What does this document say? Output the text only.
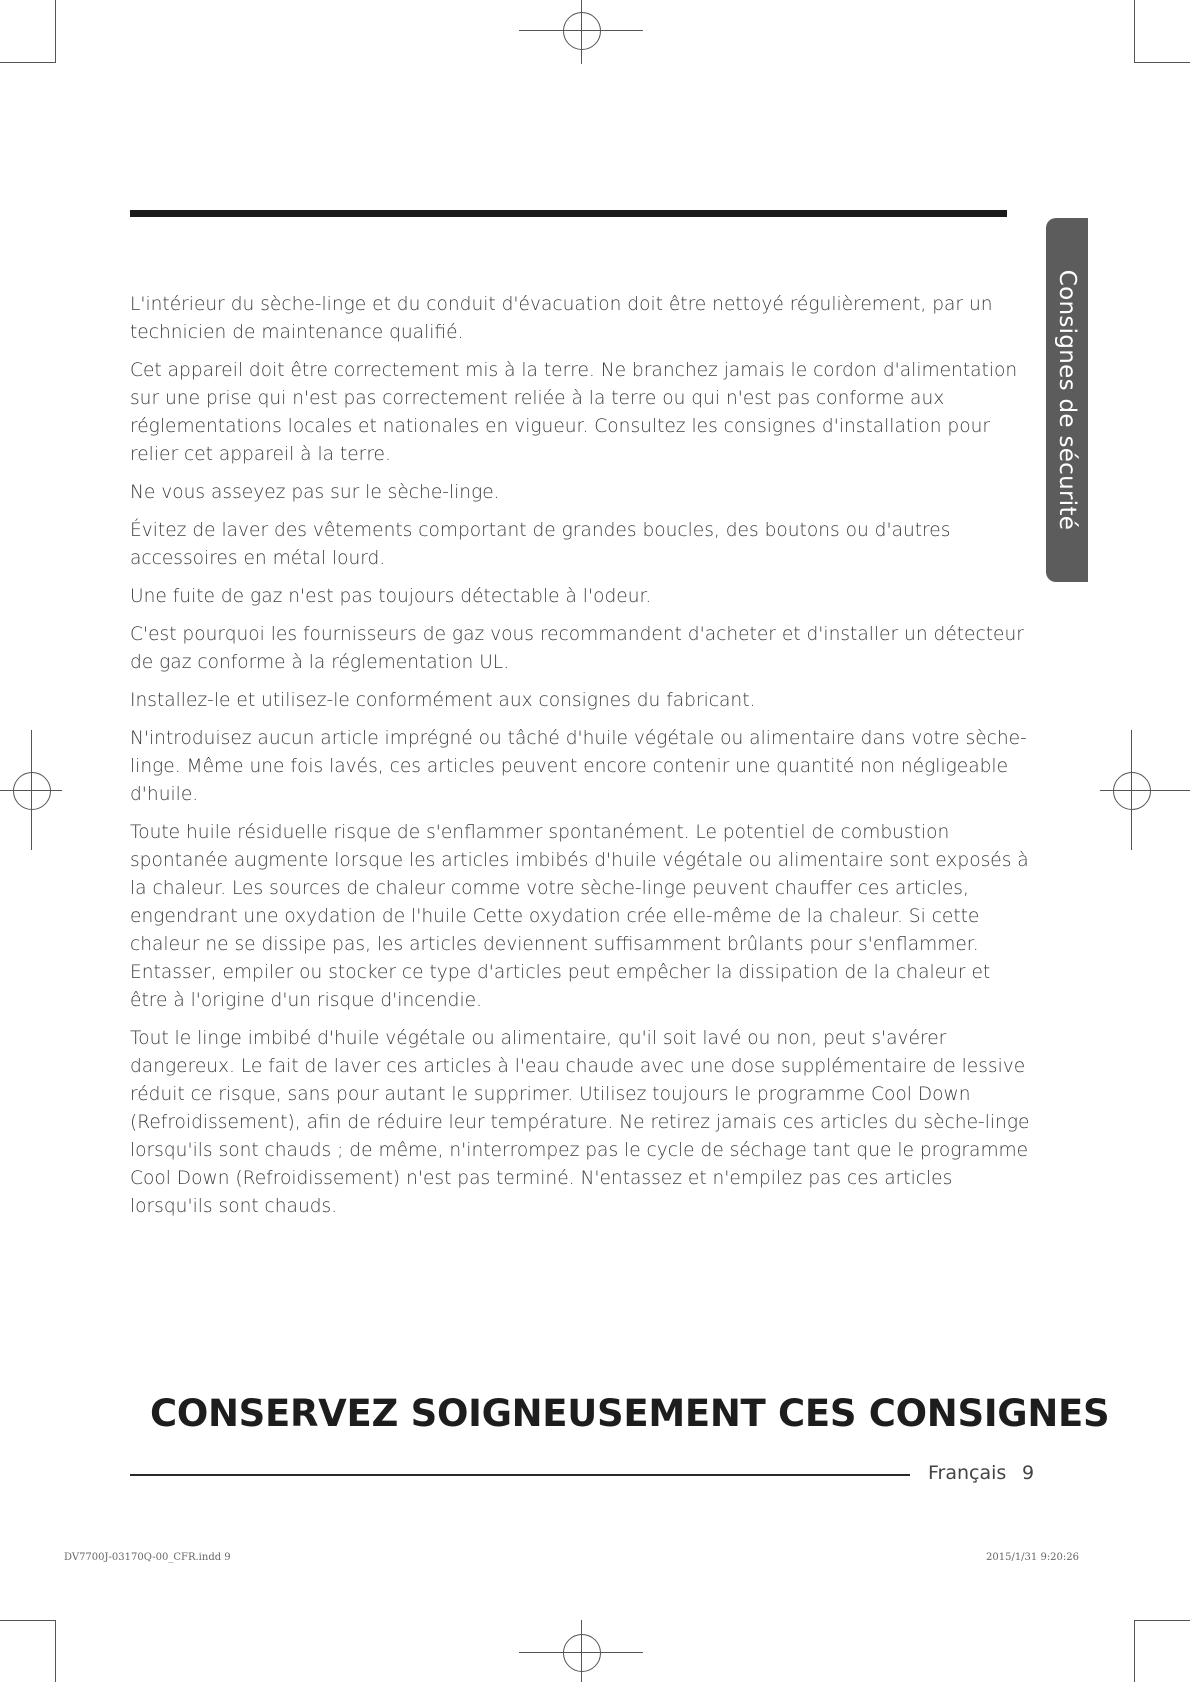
Consignes de sécurité

L'intérieur du sèche-linge et du conduit d'évacuation doit être nettoyé régulièrement, par un technicien de maintenance qualifié.

Cet appareil doit être correctement mis à la terre. Ne branchez jamais le cordon d'alimentation sur une prise qui n'est pas correctement reliée à la terre ou qui n'est pas conforme aux réglementations locales et nationales en vigueur. Consultez les consignes d'installation pour relier cet appareil à la terre.

Ne vous asseyez pas sur le sèche-linge.

Évitez de laver des vêtements comportant de grandes boucles, des boutons ou d'autres accessoires en métal lourd.

Une fuite de gaz n'est pas toujours détectable à l'odeur.

C'est pourquoi les fournisseurs de gaz vous recommandent d'acheter et d'installer un détecteur de gaz conforme à la réglementation UL.

Installez-le et utilisez-le conformément aux consignes du fabricant.

N'introduisez aucun article imprégné ou tâché d'huile végétale ou alimentaire dans votre sèche-linge. Même une fois lavés, ces articles peuvent encore contenir une quantité non négligeable d'huile.

Toute huile résiduelle risque de s'enflammer spontanément. Le potentiel de combustion spontanée augmente lorsque les articles imbibés d'huile végétale ou alimentaire sont exposés à la chaleur. Les sources de chaleur comme votre sèche-linge peuvent chauffer ces articles, engendrant une oxydation de l'huile Cette oxydation crée elle-même de la chaleur. Si cette chaleur ne se dissipe pas, les articles deviennent suffisamment brûlants pour s'enflammer. Entasser, empiler ou stocker ce type d'articles peut empêcher la dissipation de la chaleur et être à l'origine d'un risque d'incendie.

Tout le linge imbibé d'huile végétale ou alimentaire, qu'il soit lavé ou non, peut s'avérer dangereux. Le fait de laver ces articles à l'eau chaude avec une dose supplémentaire de lessive réduit ce risque, sans pour autant le supprimer. Utilisez toujours le programme Cool Down (Refroidissement), afin de réduire leur température. Ne retirez jamais ces articles du sèche-linge lorsqu'ils sont chauds ; de même, n'interrompez pas le cycle de séchage tant que le programme Cool Down (Refroidissement) n'est pas terminé. N'entassez et n'empilez pas ces articles lorsqu'ils sont chauds.

CONSERVEZ SOIGNEUSEMENT CES CONSIGNES
Français 9
DV7700J-03170Q-00_CFR.indd 9	2015/1/31 9:20:26
